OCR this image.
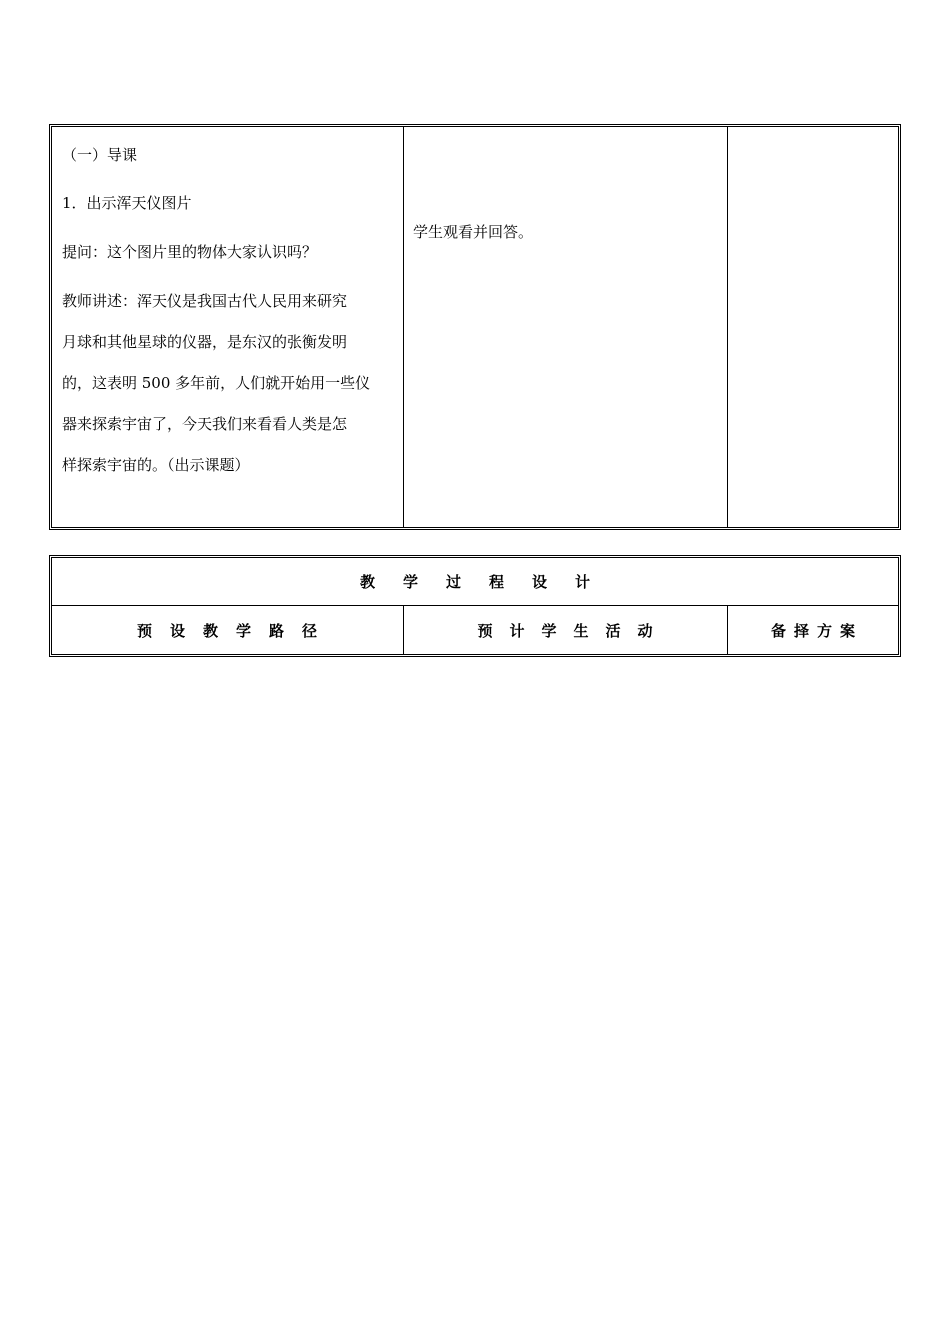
（一）导课
1．出示浑天仪图片
提问：这个图片里的物体大家认识吗？
教师讲述：浑天仪是我国古代人民用来研究
月球和其他星球的仪器，是东汉的张衡发明
的，这表明 500 多年前，人们就开始用一些仪
器来探索宇宙了，今天我们来看看人类是怎
样探索宇宙的。（出示课题）
学生观看并回答。
教学过程设计
预设教学路径	预计学生活动	备择方案
